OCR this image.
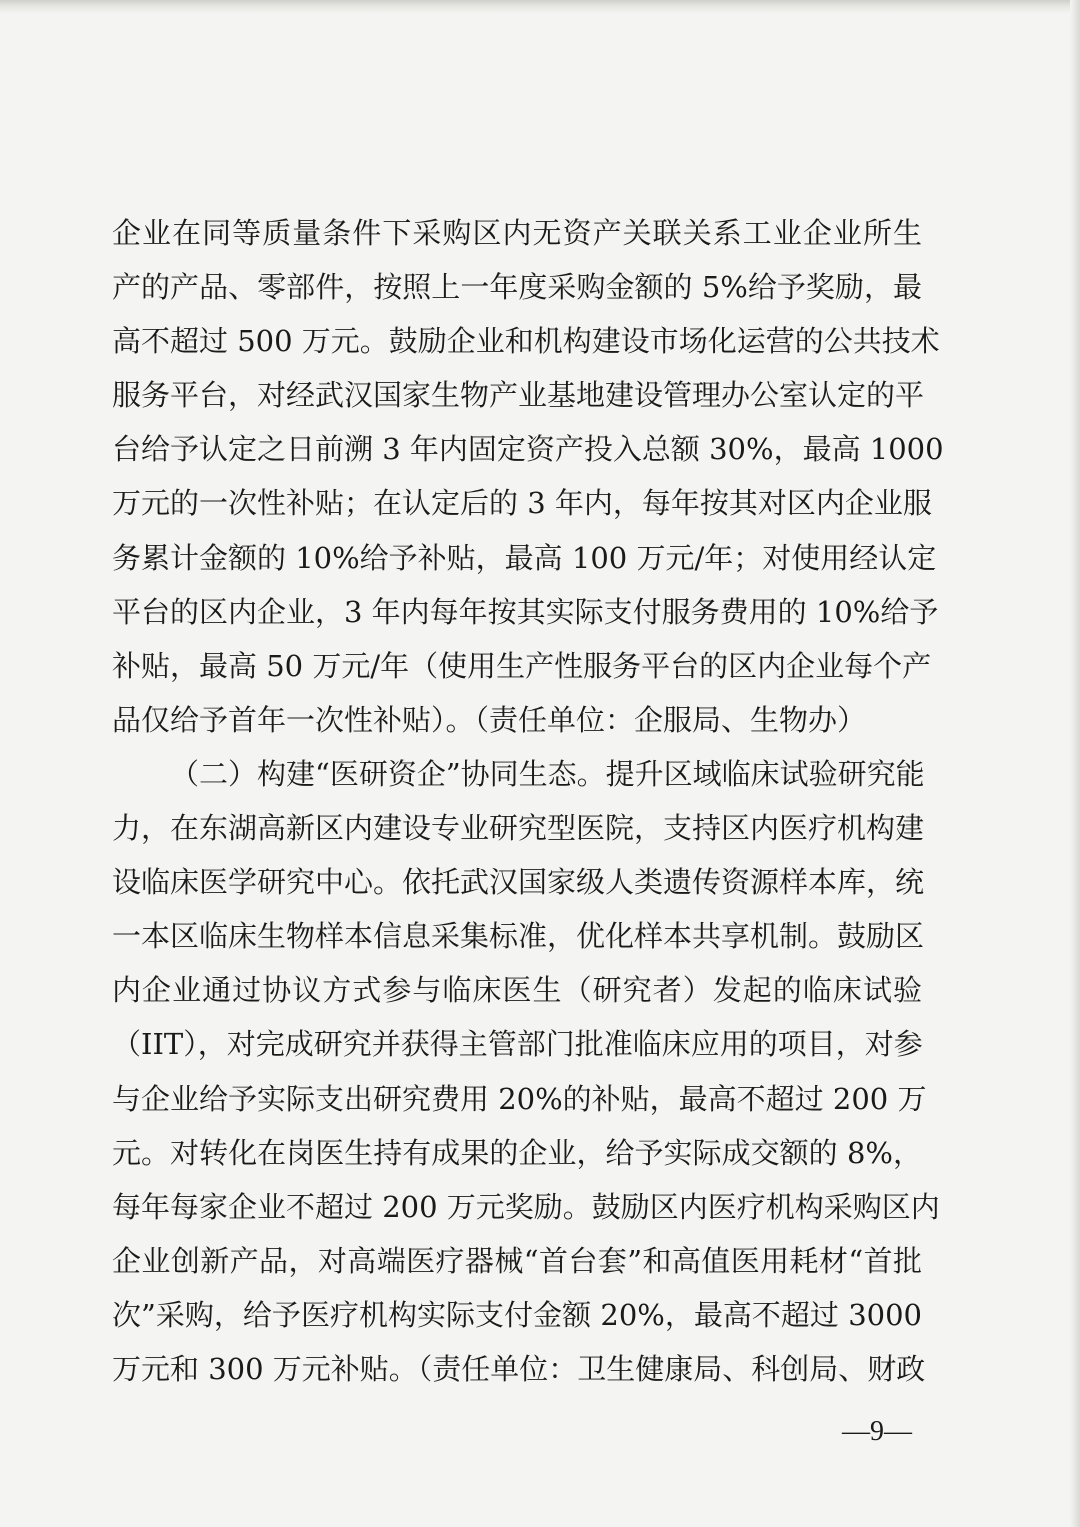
企业在同等质量条件下采购区内无资产关联关系工业企业所生
产的产品、零部件，按照上一年度采购金额的 5%给予奖励，最
高不超过 500 万元。鼓励企业和机构建设市场化运营的公共技术
服务平台，对经武汉国家生物产业基地建设管理办公室认定的平
台给予认定之日前溯 3 年内固定资产投入总额 30%，最高 1000
万元的一次性补贴；在认定后的 3 年内，每年按其对区内企业服
务累计金额的 10%给予补贴，最高 100 万元/年；对使用经认定
平台的区内企业，3 年内每年按其实际支付服务费用的 10%给予
补贴，最高 50 万元/年（使用生产性服务平台的区内企业每个产
品仅给予首年一次性补贴）。（责任单位：企服局、生物办）
（二）构建“医研资企”协同生态。提升区域临床试验研究能
力，在东湖高新区内建设专业研究型医院，支持区内医疗机构建
设临床医学研究中心。依托武汉国家级人类遗传资源样本库，统
一本区临床生物样本信息采集标准，优化样本共享机制。鼓励区
内企业通过协议方式参与临床医生（研究者）发起的临床试验
（IIT），对完成研究并获得主管部门批准临床应用的项目，对参
与企业给予实际支出研究费用 20%的补贴，最高不超过 200 万
元。对转化在岗医生持有成果的企业，给予实际成交额的 8%，
每年每家企业不超过 200 万元奖励。鼓励区内医疗机构采购区内
企业创新产品，对高端医疗器械“首台套”和高值医用耗材“首批
次”采购，给予医疗机构实际支付金额 20%，最高不超过 3000
万元和 300 万元补贴。（责任单位：卫生健康局、科创局、财政
—9—
